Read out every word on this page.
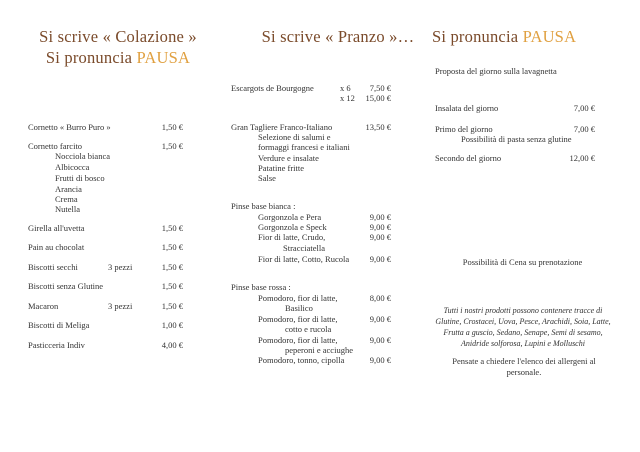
Si scrive « Colazione »
Si pronuncia PAUSA
Cornetto « Burro Puro »	1,50 €
Cornetto farcito	1,50 €
Nocciola bianca
Albicocca
Frutti di bosco
Arancia
Crema
Nutella
Girella all'uvetta	1,50 €
Pain au chocolat	1,50 €
Biscotti secchi	3 pezzi	1,50 €
Biscotti senza Glutine	1,50 €
Macaron	3 pezzi	1,50 €
Biscotti di Meliga	1,00 €
Pasticceria Indiv	4,00 €
Si scrive « Pranzo »…
Escargots de Bourgogne	x 6	7,50 €
x 12	15,00 €
Gran Tagliere Franco-Italiano	13,50 €
Selezione di salumi e
formaggi francesi e italiani
Verdure e insalate
Patatine fritte
Salse
Pinse base bianca :
Gorgonzola e Pera	9,00 €
Gorgonzola e Speck	9,00 €
Fior di latte, Crudo,	9,00 €
Stracciatella
Fior di latte, Cotto, Rucola	9,00 €
Pinse base rossa :
Pomodoro, fior di latte,	8,00 €
Basilico
Pomodoro, fior di latte,	9,00 €
cotto e rucola
Pomodoro, fior di latte,	9,00 €
peperoni e acciughe
Pomodoro, tonno, cipolla	9,00 €
Si pronuncia PAUSA
Proposta del giorno sulla lavagnetta
Insalata del giorno	7,00 €
Primo del giorno	7,00 €
Possibilità di pasta senza glutine
Secondo del giorno	12,00 €
Possibilità di Cena su prenotazione
Tutti i nostri prodotti possono contenere tracce di Glutine, Crostacei, Uova, Pesce, Arachidi, Soia, Latte, Frutta a guscio, Sedano, Senape, Semi di sesamo, Anidride solforosa, Lupini e Molluschi
Pensate a chiedere l'elenco dei allergeni al personale.
